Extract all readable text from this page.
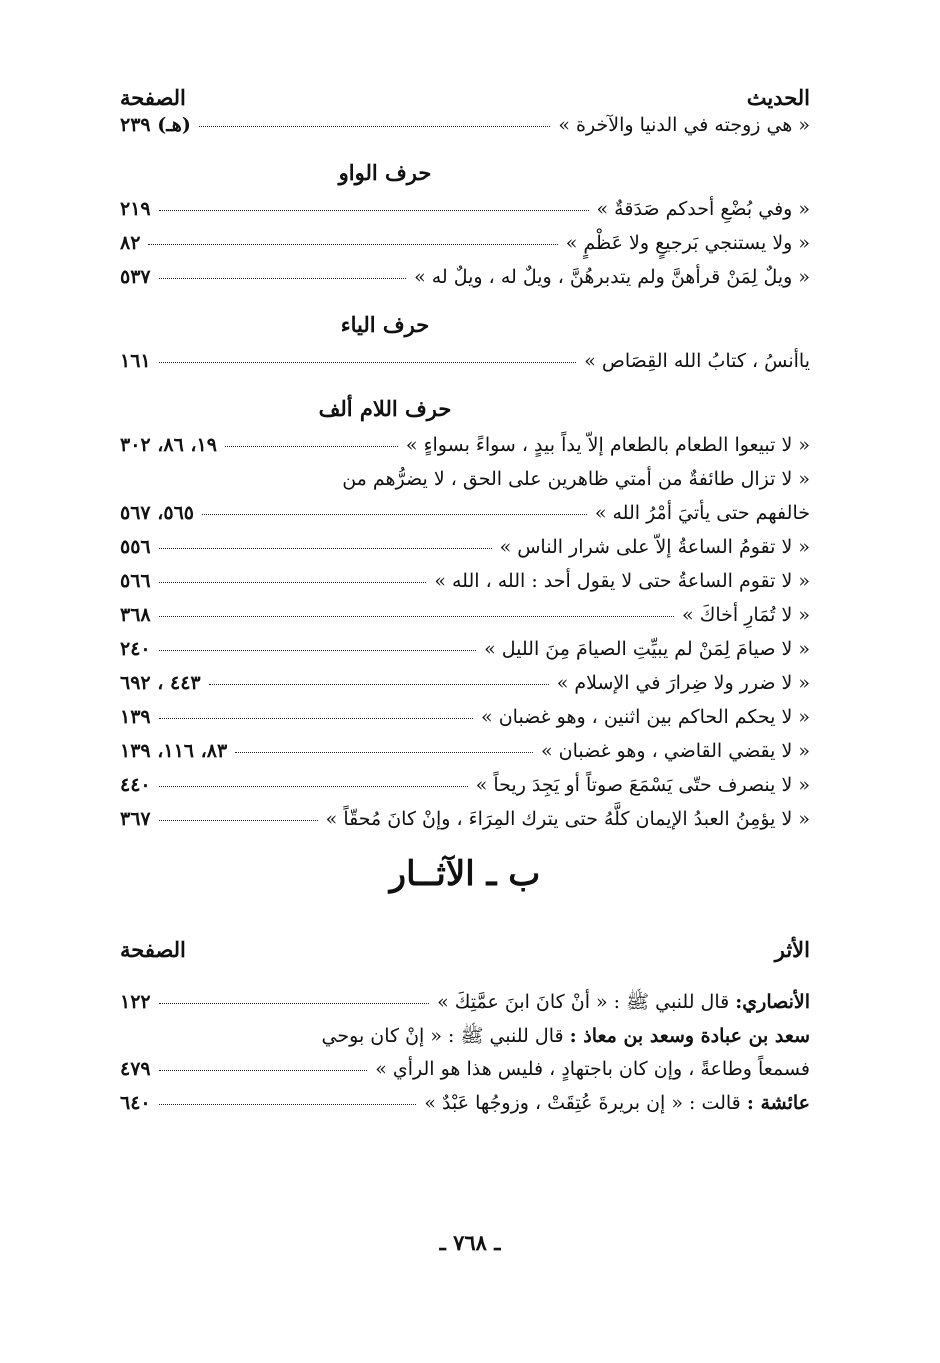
الحديث
الصفحة
« هي زوجته في الدنيا والآخرة »
(هـ) ٢٣٩
حرف الواو
« وفي بُضْعِ أحدكم صَدَقةٌ »
٢١٩
« ولا يستنجي بَرجيعٍ ولا عَظْمٍ »
٨٢
« ويلٌ لِمَنْ قرأهنَّ ولم يتدبرهُنَّ ، ويلٌ له ، ويلٌ له »
٥٣٧
حرف الياء
ياأنسُ ، كتابُ الله القِصَاص »
١٦١
حرف اللام ألف
« لا تبيعوا الطعام بالطعام إلاّ يداً بيدٍ ، سواءً بسواءٍ »
١٩، ٨٦، ٣٠٢
« لا تزال طائفةٌ من أمتي ظاهرين على الحق ، لا يضرُّهم من
خالفهم حتى يأتيَ أمْرُ الله »
٥٦٥، ٥٦٧
« لا تقومُ الساعةُ إلاّ على شرار الناس »
٥٥٦
« لا تقوم الساعةُ حتى لا يقول أحد : الله ، الله »
٥٦٦
« لا تُمَارِ أخاكَ »
٣٦٨
« لا صيامَ لِمَنْ لم يبيِّتِ الصيامَ مِنَ الليل »
٢٤٠
« لا ضرر ولا ضِرارَ في الإسلام »
٤٤٣ ، ٦٩٢
« لا يحكم الحاكم بين اثنين ، وهو غضبان »
١٣٩
« لا يقضي القاضي ، وهو غضبان »
٨٣، ١١٦، ١٣٩
« لا ينصرف حتّى يَسْمَعَ صوتاً أو يَجِدَ ريحاً »
٤٤٠
« لا يؤمِنُ العبدُ الإيمان كلَّهُ حتى يترك المِرَاءَ ، وإنْ كانَ مُحقّاً »
٣٦٧
ب ـ الآثــار
الأثر
الصفحة
الأنصاري: قال للنبي ﷺ : « أنْ كانَ ابنَ عمَّتِكَ »
١٢٢
سعد بن عبادة وسعد بن معاذ : قال للنبي ﷺ : « إنْ كان بوحي
فسمعاً وطاعةً ، وإن كان باجتهادٍ ، فليس هذا هو الرأي »
٤٧٩
عائشة : قالت : « إن بريرةَ عُتِقَتْ ، وزوجُها عَبْدٌ »
٦٤٠
ـ ٧٦٨ ـ
